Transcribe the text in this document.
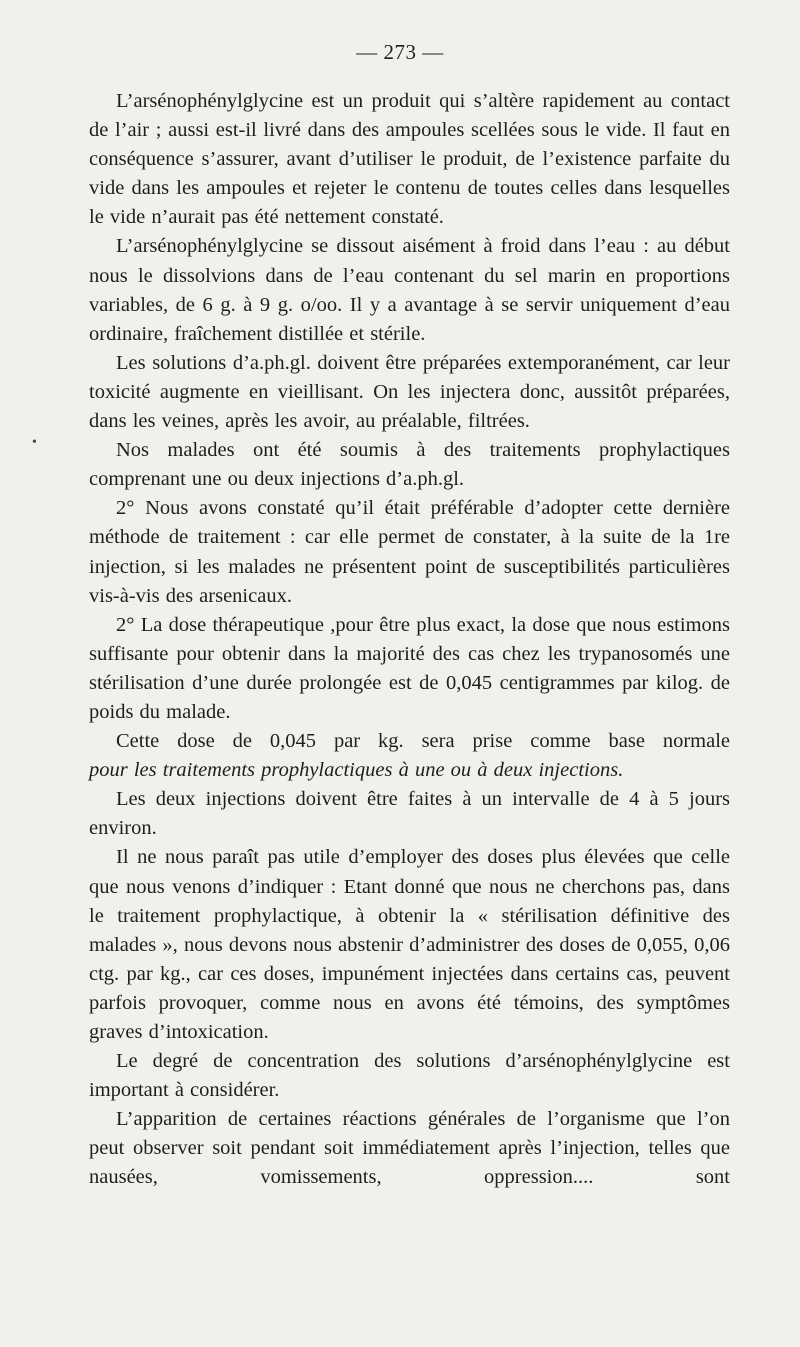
— 273 —
•

L’arsénophénylglycine est un produit qui s’altère rapidement au contact de l’air ; aussi est-il livré dans des ampoules scellées sous le vide. Il faut en conséquence s’assurer, avant d’utiliser le produit, de l’existence parfaite du vide dans les ampoules et rejeter le contenu de toutes celles dans lesquelles le vide n’aurait pas été nettement constaté.

L’arsénophénylglycine se dissout aisément à froid dans l’eau : au début nous le dissolvions dans de l’eau contenant du sel marin en proportions variables, de 6 g. à 9 g. o/oo. Il y a avantage à se servir uniquement d’eau ordinaire, fraîchement distillée et stérile.

Les solutions d’a.ph.gl. doivent être préparées extemporanément, car leur toxicité augmente en vieillisant. On les injectera donc, aussitôt préparées, dans les veines, après les avoir, au préalable, filtrées.

Nos malades ont été soumis à des traitements prophylactiques comprenant une ou deux injections d’a.ph.gl.

2° Nous avons constaté qu’il était préférable d’adopter cette dernière méthode de traitement : car elle permet de constater, à la suite de la 1re injection, si les malades ne présentent point de susceptibilités particulières vis-à-vis des arsenicaux.

2° La dose thérapeutique ,pour être plus exact, la dose que nous estimons suffisante pour obtenir dans la majorité des cas chez les trypanosomés une stérilisation d’une durée prolongée est de 0,045 centigrammes par kilog. de poids du malade.

Cette dose de 0,045 par kg. sera prise comme base normale

pour les traitements prophylactiques à une ou à deux injections.

Les deux injections doivent être faites à un intervalle de 4 à 5 jours environ.

Il ne nous paraît pas utile d’employer des doses plus élevées que celle que nous venons d’indiquer : Etant donné que nous ne cherchons pas, dans le traitement prophylactique, à obtenir la « stérilisation définitive des malades », nous devons nous abstenir d’administrer des doses de 0,055, 0,06 ctg. par kg., car ces doses, impunément injectées dans certains cas, peuvent parfois provoquer, comme nous en avons été témoins, des symptômes graves d’intoxication.

Le degré de concentration des solutions d’arsénophénylglycine est important à considérer.

L’apparition de certaines réactions générales de l’organisme que l’on peut observer soit pendant soit immédiatement après l’injection, telles que nausées, vomissements, oppression.... sont
